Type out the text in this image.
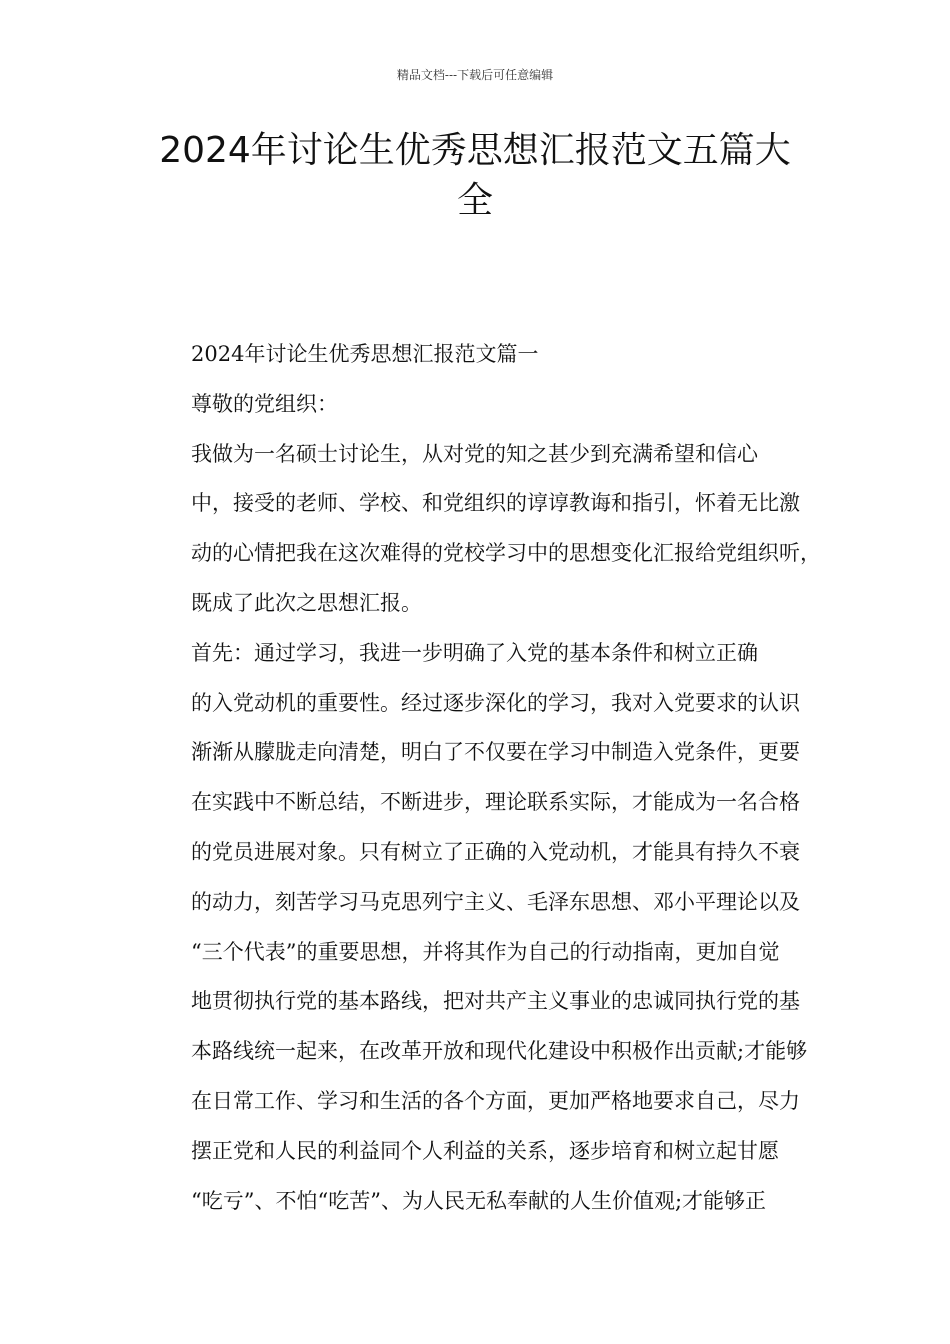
精品文档---下载后可任意编辑
2024年讨论生优秀思想汇报范文五篇大
全

2024年讨论生优秀思想汇报范文篇一

尊敬的党组织：

我做为一名硕士讨论生，从对党的知之甚少到充满希望和信心

中，接受的老师、学校、和党组织的谆谆教诲和指引，怀着无比激

动的心情把我在这次难得的党校学习中的思想变化汇报给党组织听，

既成了此次之思想汇报。

首先：通过学习，我进一步明确了入党的基本条件和树立正确

的入党动机的重要性。经过逐步深化的学习，我对入党要求的认识

渐渐从朦胧走向清楚，明白了不仅要在学习中制造入党条件，更要

在实践中不断总结，不断进步，理论联系实际，才能成为一名合格

的党员进展对象。只有树立了正确的入党动机，才能具有持久不衰

的动力，刻苦学习马克思列宁主义、毛泽东思想、邓小平理论以及

“三个代表”的重要思想，并将其作为自己的行动指南，更加自觉

地贯彻执行党的基本路线，把对共产主义事业的忠诚同执行党的基

本路线统一起来，在改革开放和现代化建设中积极作出贡献;才能够

在日常工作、学习和生活的各个方面，更加严格地要求自己，尽力

摆正党和人民的利益同个人利益的关系，逐步培育和树立起甘愿

“吃亏”、不怕“吃苦”、为人民无私奉献的人生价值观;才能够正
